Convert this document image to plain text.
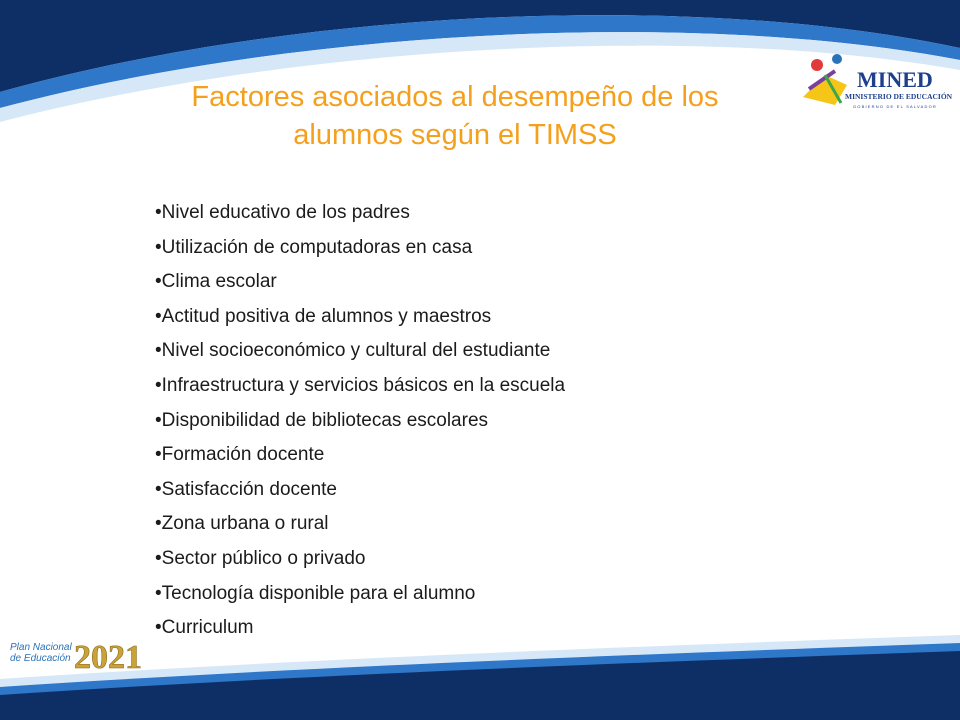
MINED
MINISTERIO DE EDUCACIÓN
GOBIERNO DE EL SALVADOR
Factores asociados al desempeño de los alumnos según el TIMSS
•Nivel educativo de los padres
•Utilización de computadoras en casa
•Clima escolar
•Actitud positiva de alumnos y maestros
•Nivel socioeconómico y cultural del estudiante
•Infraestructura y servicios básicos en la escuela
•Disponibilidad de bibliotecas escolares
•Formación docente
•Satisfacción docente
•Zona urbana o rural
•Sector público o privado
•Tecnología disponible para el alumno
•Curriculum
Plan Nacional
de Educación 2021
